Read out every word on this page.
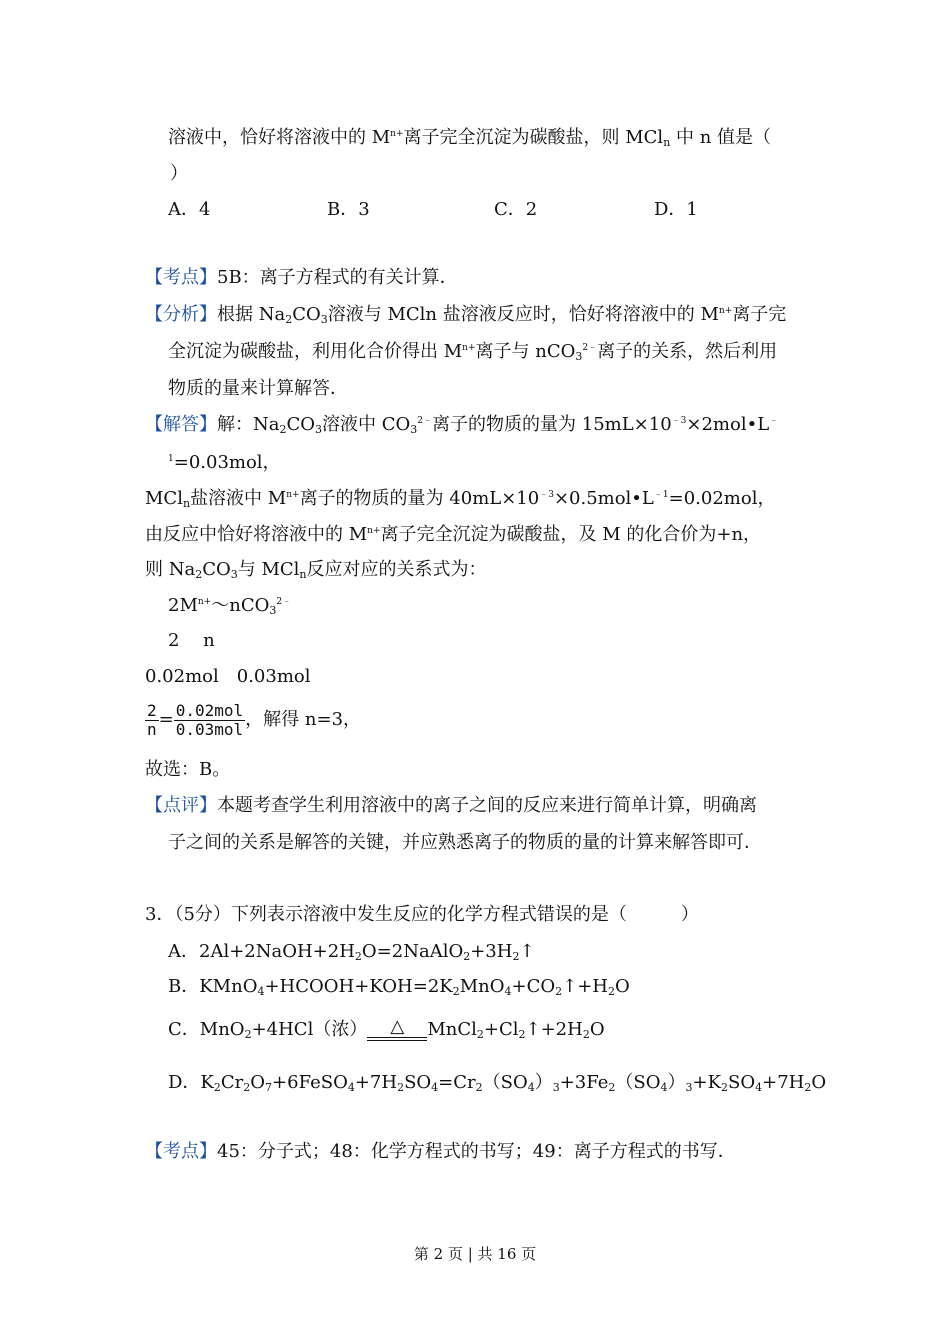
溶液中，恰好将溶液中的 $M^{n+}$离子完全沉淀为碳酸盐，则 MCl$_n$ 中 n 值是（
）
A．4	B．3	C．2	D．1
【考点】5B：离子方程式的有关计算．
【分析】根据 $Na_2CO_3$溶液与 MCln 盐溶液反应时，恰好将溶液中的 $M^{n+}$离子完
全沉淀为碳酸盐，利用化合价得出 $M^{n+}$离子与 nCO$_3^{2﹣}$离子的关系，然后利用
物质的量来计算解答．
【解答】解：$Na_2CO_3$溶液中 $CO_3^{2﹣}$离子的物质的量为 $15mL\times 10^{﹣3}\times 2mol•L^﹣$
$^1$=0.03mol，
MCl$_n$盐溶液中 $M^{n+}$离子的物质的量为 $40mL\times 10^{﹣3}\times 0.5mol•L^{﹣1}=0.02mol$，
由反应中恰好将溶液中的 $M^{n+}$离子完全沉淀为碳酸盐，及 M 的化合价为+n，
则 $Na_2CO_3$与 MCl$_n$反应对应的关系式为：
$2M^{n+}\sim nCO_3^{2﹣}$
2　 n
0.02mol　0.03mol
$\frac{2}{n} = \frac{\text{0.02mol}}{\text{0.03mol}}$ ，解得 n=3，
故选：B。
【点评】本题考查学生利用溶液中的离子之间的反应来进行简单计算，明确离
子之间的关系是解答的关键，并应熟悉离子的物质的量的计算来解答即可．
3．（5分）下列表示溶液中发生反应的化学方程式错误的是（　　　）
A．$2Al+2NaOH+2H_2O=2NaAlO_2+3H_2↑$
B．$KMnO_4+HCOOH+KOH=2K_2MnO_4+CO_2↑+H_2O$
C．MnO$_2$+4HCl（浓）	△	$MnCl_2+Cl_2↑+2H_2O$
D．$K_2Cr_2O_7+6FeSO_4+7H_2SO_4=Cr_2(SO_4)_3+3Fe_2(SO_4)_3+K_2SO_4+7H_2O$
【考点】45：分子式；48：化学方程式的书写；49：离子方程式的书写．
第 2 页 | 共 16 页
